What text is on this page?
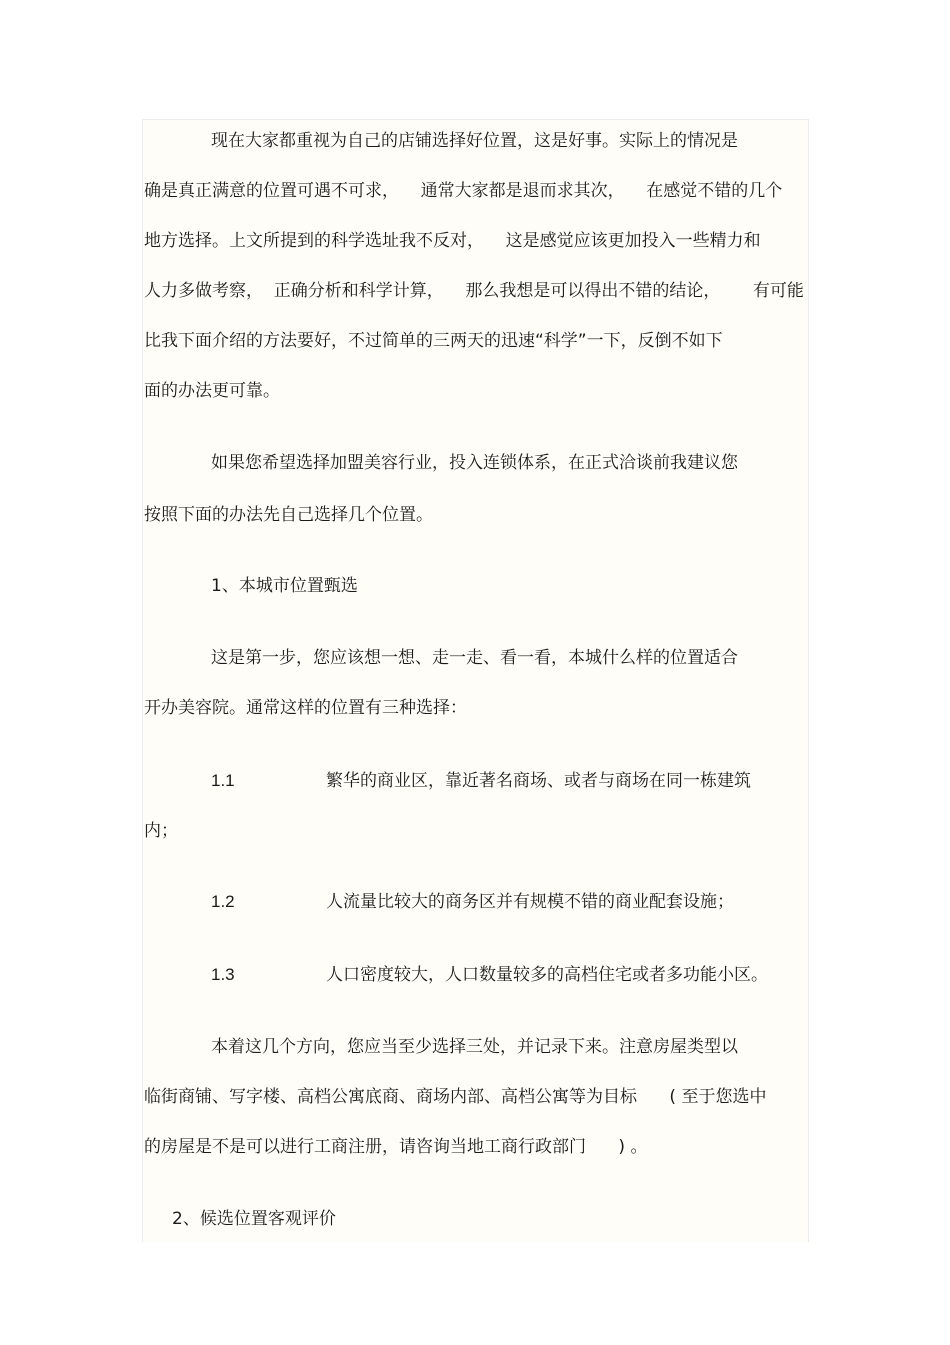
现在大家都重视为自己的店铺选择好位置，这是好事。实际上的情况是
确是真正满意的位置可遇不可求，    通常大家都是退而求其次，    在感觉不错的几个
地方选择。上文所提到的科学选址我不反对，    这是感觉应该更加投入一些精力和
人力多做考察，  正确分析和科学计算，    那么我想是可以得出不错的结论，      有可能
比我下面介绍的方法要好，不过简单的三两天的迅速“科学”一下，反倒不如下
面的办法更可靠。
如果您希望选择加盟美容行业，投入连锁体系，在正式洽谈前我建议您
按照下面的办法先自己选择几个位置。
1、本城市位置甄选
这是第一步，您应该想一想、走一走、看一看，本城什么样的位置适合
开办美容院。通常这样的位置有三种选择：
1.1	繁华的商业区，靠近著名商场、或者与商场在同一栋建筑
内；
1.2	人流量比较大的商务区并有规模不错的商业配套设施；
1.3	人口密度较大，人口数量较多的高档住宅或者多功能小区。
本着这几个方向，您应当至少选择三处，并记录下来。注意房屋类型以
临街商铺、写字楼、高档公寓底商、商场内部、高档公寓等为目标      ( 至于您选中
的房屋是不是可以进行工商注册，请咨询当地工商行政部门      ) 。
2、候选位置客观评价
